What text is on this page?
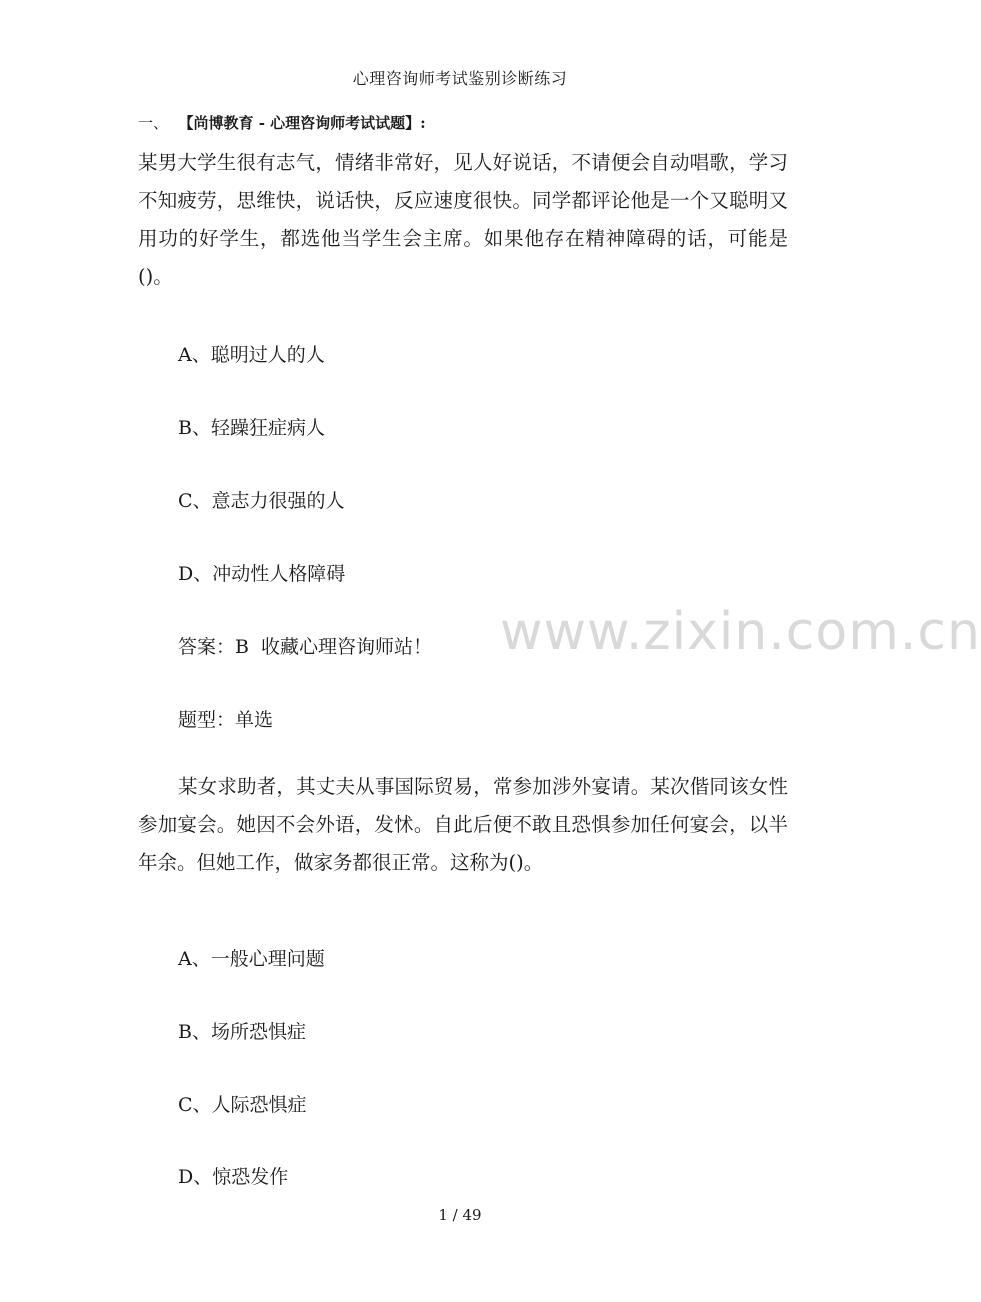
心理咨询师考试鉴别诊断练习
一、 【尚博教育 - 心理咨询师考试试题】:

某男大学生很有志气，情绪非常好，见人好说话，不请便会自动唱歌，学习不知疲劳，思维快，说话快，反应速度很快。同学都评论他是一个又聪明又用功的好学生，都选他当学生会主席。如果他存在精神障碍的话，可能是()。

A、聪明过人的人
B、轻躁狂症病人
C、意志力很强的人
D、冲动性人格障碍
答案：B  收藏心理咨询师站！
题型：单选

某女求助者，其丈夫从事国际贸易，常参加涉外宴请。某次偕同该女性参加宴会。她因不会外语，发怵。自此后便不敢且恐惧参加任何宴会，以半年余。但她工作，做家务都很正常。这称为()。

A、一般心理问题
B、场所恐惧症
C、人际恐惧症
D、惊恐发作
www.zixin.com.cn
1 / 49
